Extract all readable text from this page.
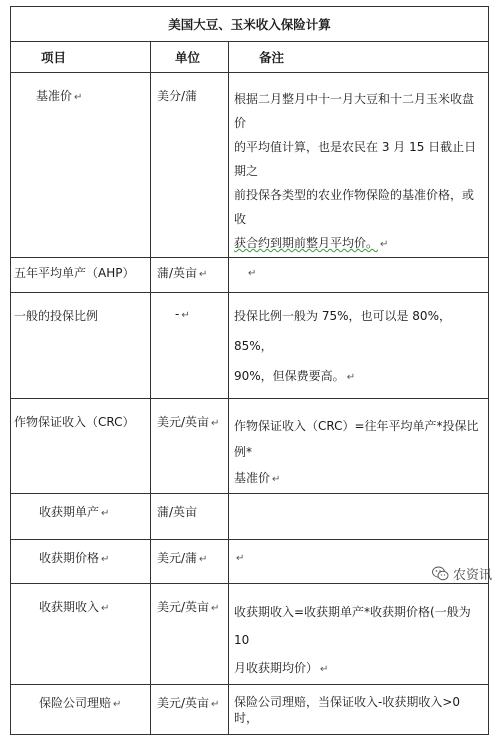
美国大豆、玉米收入保险计算		
项目	单位	备注
基准价 ↵	美分/蒲	根据二月整月中十一月大豆和十二月玉米收盘价

的平均值计算，也是农民在 3 月 15 日截止日期之

前投保各类型的农业作物保险的基准价格，或收

获合约到期前整月平均价。 ↵

五年平均单产（AHP）	蒲/英亩 ↵	↵
一般的投保比例	- ↵	投保比例一般为 75%，也可以是 80%，85%，

90%，但保费要高。 ↵

作物保证收入（CRC）	美元/英亩 ↵	作物保证收入（CRC）=往年平均单产*投保比例*

基准价 ↵

收获期单产 ↵	蒲/英亩	
收获期价格 ↵	美元/蒲 ↵	↵
收获期收入 ↵	美元/英亩 ↵	收获期收入=收获期单产*收获期价格(一般为 10

月收获期均价） ↵

保险公司理赔 ↵	美元/英亩 ↵	保险公司理赔，当保证收入-收获期收入>0 时，
农资讯
